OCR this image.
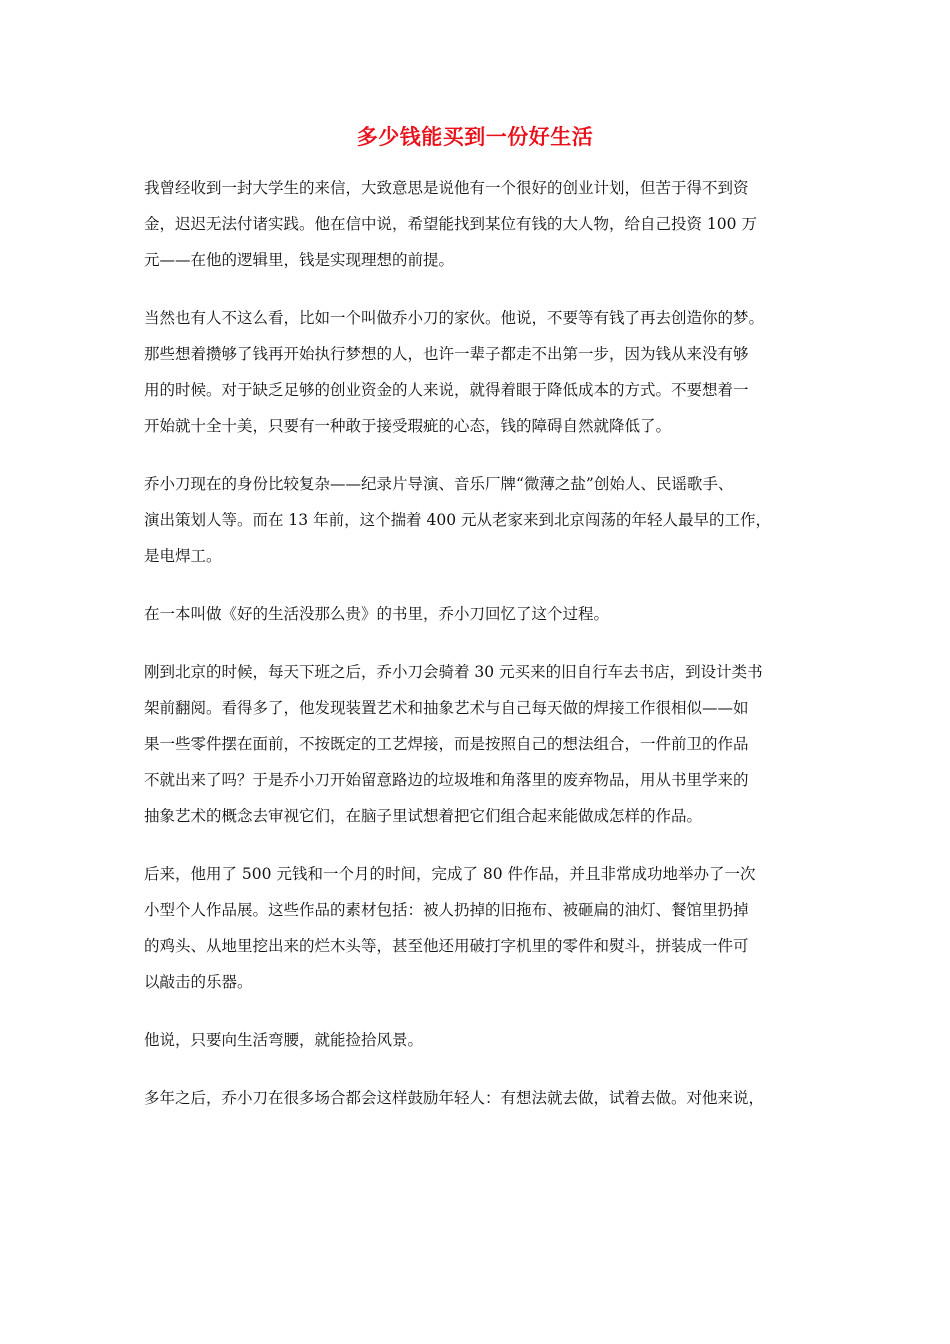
多少钱能买到一份好生活

我曾经收到一封大学生的来信，大致意思是说他有一个很好的创业计划，但苦于得不到资
金，迟迟无法付诸实践。他在信中说，希望能找到某位有钱的大人物，给自己投资 100 万
元——在他的逻辑里，钱是实现理想的前提。

当然也有人不这么看，比如一个叫做乔小刀的家伙。他说，不要等有钱了再去创造你的梦。
那些想着攒够了钱再开始执行梦想的人，也许一辈子都走不出第一步，因为钱从来没有够
用的时候。对于缺乏足够的创业资金的人来说，就得着眼于降低成本的方式。不要想着一
开始就十全十美，只要有一种敢于接受瑕疵的心态，钱的障碍自然就降低了。

乔小刀现在的身份比较复杂——纪录片导演、音乐厂牌“微薄之盐”创始人、民谣歌手、
演出策划人等。而在 13 年前，这个揣着 400 元从老家来到北京闯荡的年轻人最早的工作，
是电焊工。

在一本叫做《好的生活没那么贵》的书里，乔小刀回忆了这个过程。

刚到北京的时候，每天下班之后，乔小刀会骑着 30 元买来的旧自行车去书店，到设计类书
架前翻阅。看得多了，他发现装置艺术和抽象艺术与自己每天做的焊接工作很相似——如
果一些零件摆在面前，不按既定的工艺焊接，而是按照自己的想法组合，一件前卫的作品
不就出来了吗？于是乔小刀开始留意路边的垃圾堆和角落里的废弃物品，用从书里学来的
抽象艺术的概念去审视它们，在脑子里试想着把它们组合起来能做成怎样的作品。

后来，他用了 500 元钱和一个月的时间，完成了 80 件作品，并且非常成功地举办了一次
小型个人作品展。这些作品的素材包括：被人扔掉的旧拖布、被砸扁的油灯、餐馆里扔掉
的鸡头、从地里挖出来的烂木头等，甚至他还用破打字机里的零件和熨斗，拼装成一件可
以敲击的乐器。

他说，只要向生活弯腰，就能捡拾风景。

多年之后，乔小刀在很多场合都会这样鼓励年轻人：有想法就去做，试着去做。对他来说，
